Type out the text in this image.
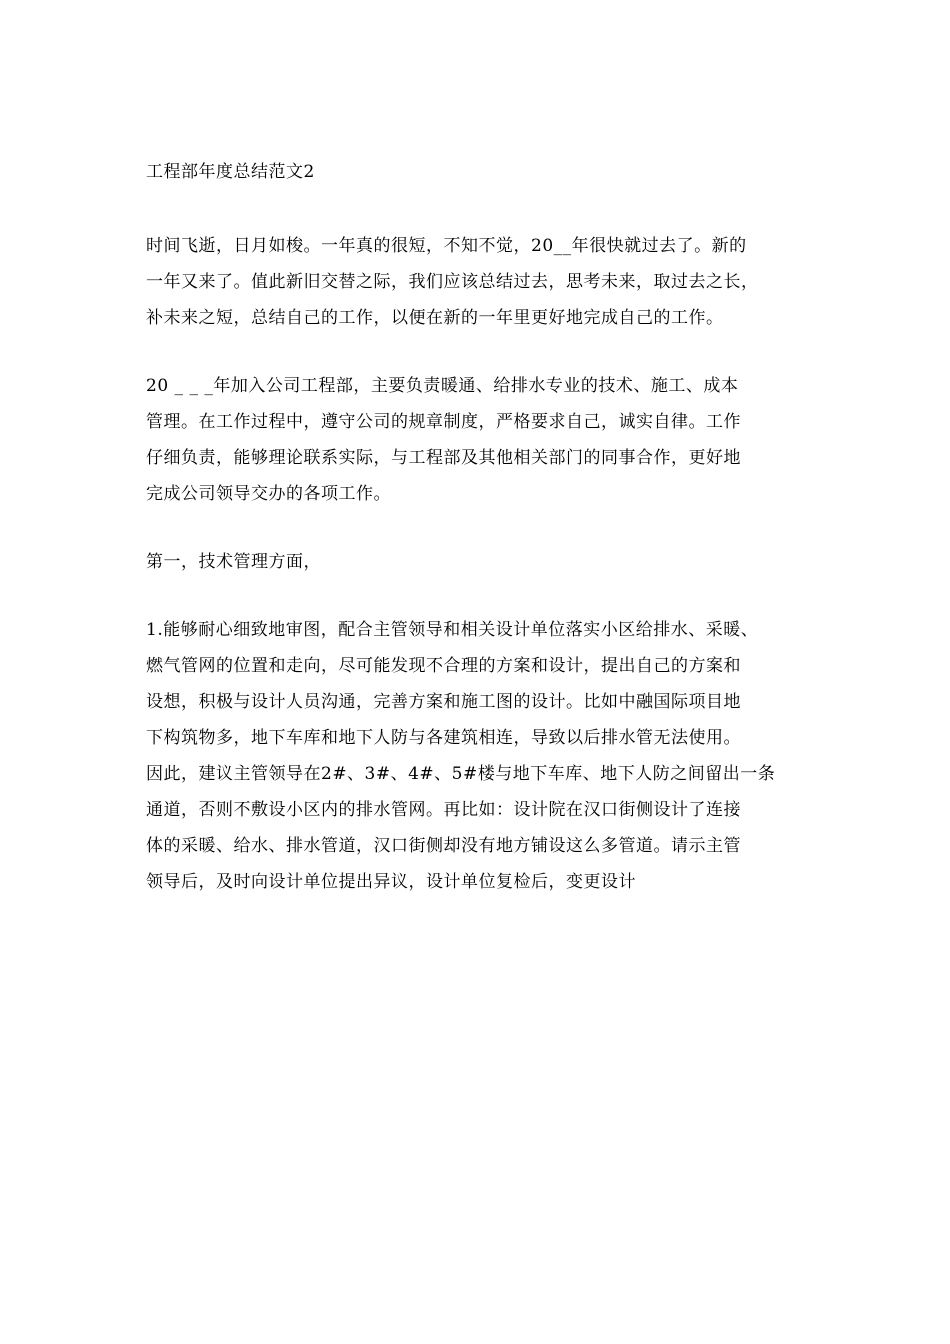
工程部年度总结范文2
时间飞逝，日月如梭。一年真的很短，不知不觉，20__年很快就过去了。新的
一年又来了。值此新旧交替之际，我们应该总结过去，思考未来，取过去之长，
补未来之短，总结自己的工作，以便在新的一年里更好地完成自己的工作。
20 _ _ _年加入公司工程部，主要负责暖通、给排水专业的技术、施工、成本
管理。在工作过程中，遵守公司的规章制度，严格要求自己，诚实自律。工作
仔细负责，能够理论联系实际，与工程部及其他相关部门的同事合作，更好地
完成公司领导交办的各项工作。
第一，技术管理方面，
1.能够耐心细致地审图，配合主管领导和相关设计单位落实小区给排水、采暖、
燃气管网的位置和走向，尽可能发现不合理的方案和设计，提出自己的方案和
设想，积极与设计人员沟通，完善方案和施工图的设计。比如中融国际项目地
下构筑物多，地下车库和地下人防与各建筑相连，导致以后排水管无法使用。
因此，建议主管领导在2#、3#、4#、5#楼与地下车库、地下人防之间留出一条
通道，否则不敷设小区内的排水管网。再比如：设计院在汉口街侧设计了连接
体的采暖、给水、排水管道，汉口街侧却没有地方铺设这么多管道。请示主管
领导后，及时向设计单位提出异议，设计单位复检后，变更设计
